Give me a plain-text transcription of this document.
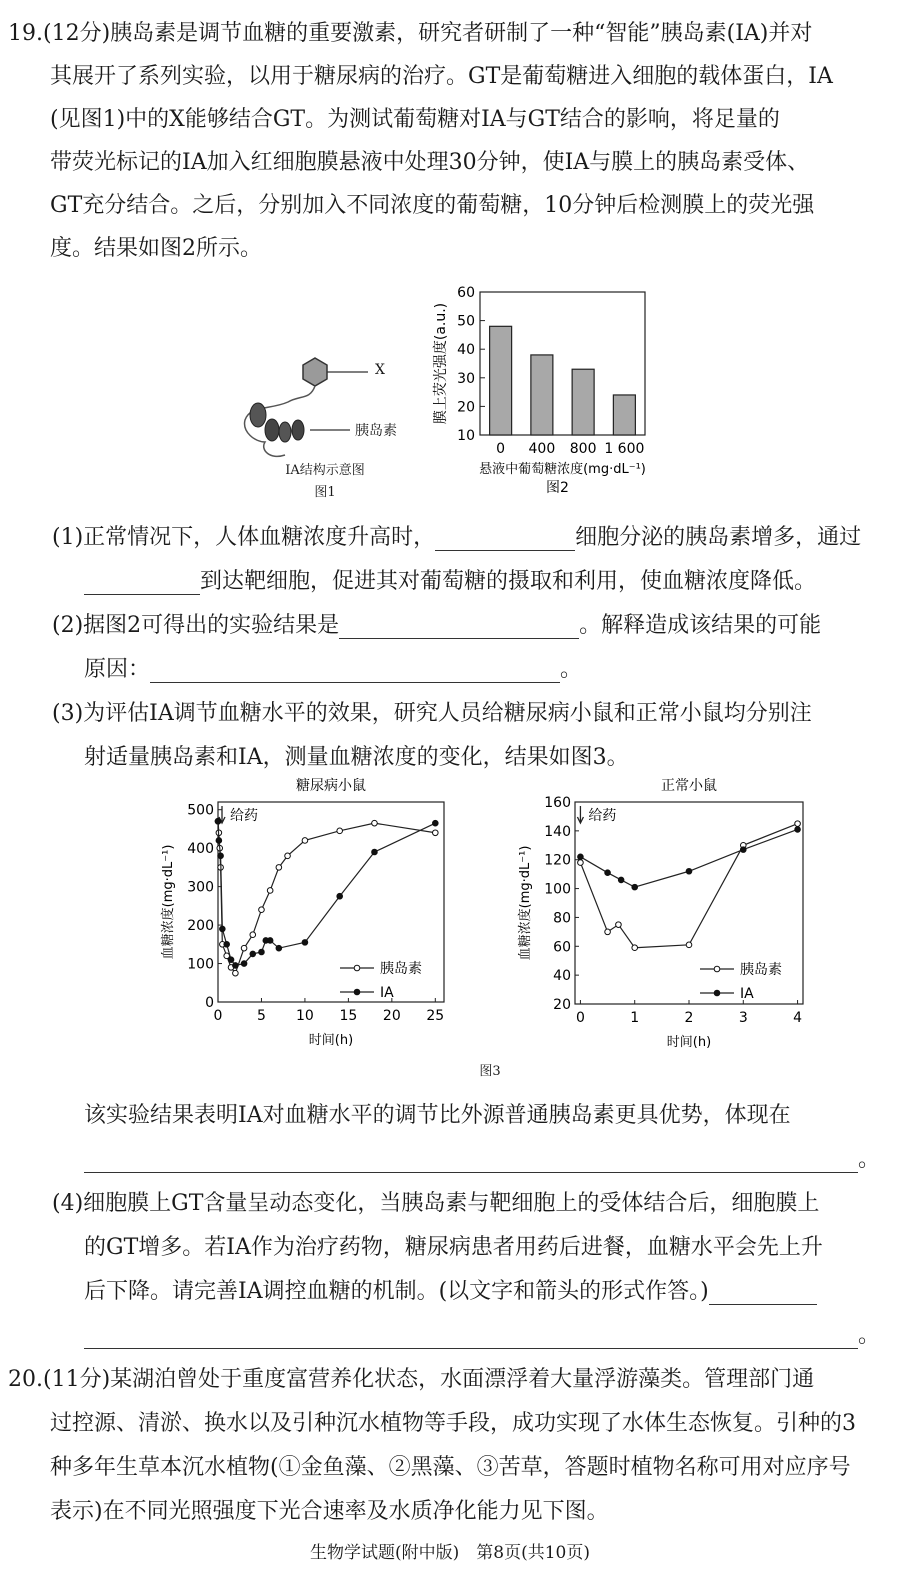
19.(12分)胰岛素是调节血糖的重要激素，研究者研制了一种“智能”胰岛素(IA)并对
其展开了系列实验，以用于糖尿病的治疗。GT是葡萄糖进入细胞的载体蛋白，IA
(见图1)中的X能够结合GT。为测试葡萄糖对IA与GT结合的影响，将足量的
带荧光标记的IA加入红细胞膜悬液中处理30分钟，使IA与膜上的胰岛素受体、
GT充分结合。之后，分别加入不同浓度的葡萄糖，10分钟后检测膜上的荧光强
度。结果如图2所示。
X
胰岛素
IA结构示意图
图1
10
20
30
40
50
60
0 400 800 1 600
悬液中葡萄糖浓度(mg·dL⁻¹)
膜上荧光强度(a.u.)
图2
(1)正常情况下，人体血糖浓度升高时，	细胞分泌的胰岛素增多，通过
到达靶细胞，促进其对葡萄糖的摄取和利用，使血糖浓度降低。
(2)据图2可得出的实验结果是	。解释造成该结果的可能
原因：	。
(3)为评估IA调节血糖水平的效果，研究人员给糖尿病小鼠和正常小鼠均分别注
射适量胰岛素和IA，测量血糖浓度的变化，结果如图3。
糖尿病小鼠
0
100
200
300
400
500
0 5 10 15 20 25
时间(h)
血糖浓度(mg·dL⁻¹)
给药
胰岛素
IA
正常小鼠
20
40
60
80
100
120
140
160
0	1	2	3	4
时间(h)
血糖浓度(mg·dL⁻¹)
给药
胰岛素
IA
图3
该实验结果表明IA对血糖水平的调节比外源普通胰岛素更具优势，体现在
。
(4)细胞膜上GT含量呈动态变化，当胰岛素与靶细胞上的受体结合后，细胞膜上
的GT增多。若IA作为治疗药物，糖尿病患者用药后进餐，血糖水平会先上升
后下降。请完善IA调控血糖的机制。(以文字和箭头的形式作答。)
。
20.(11分)某湖泊曾处于重度富营养化状态，水面漂浮着大量浮游藻类。管理部门通
过控源、清淤、换水以及引种沉水植物等手段，成功实现了水体生态恢复。引种的3
种多年生草本沉水植物(①金鱼藻、②黑藻、③苦草，答题时植物名称可用对应序号
表示)在不同光照强度下光合速率及水质净化能力见下图。
生物学试题(附中版)　第8页(共10页)
